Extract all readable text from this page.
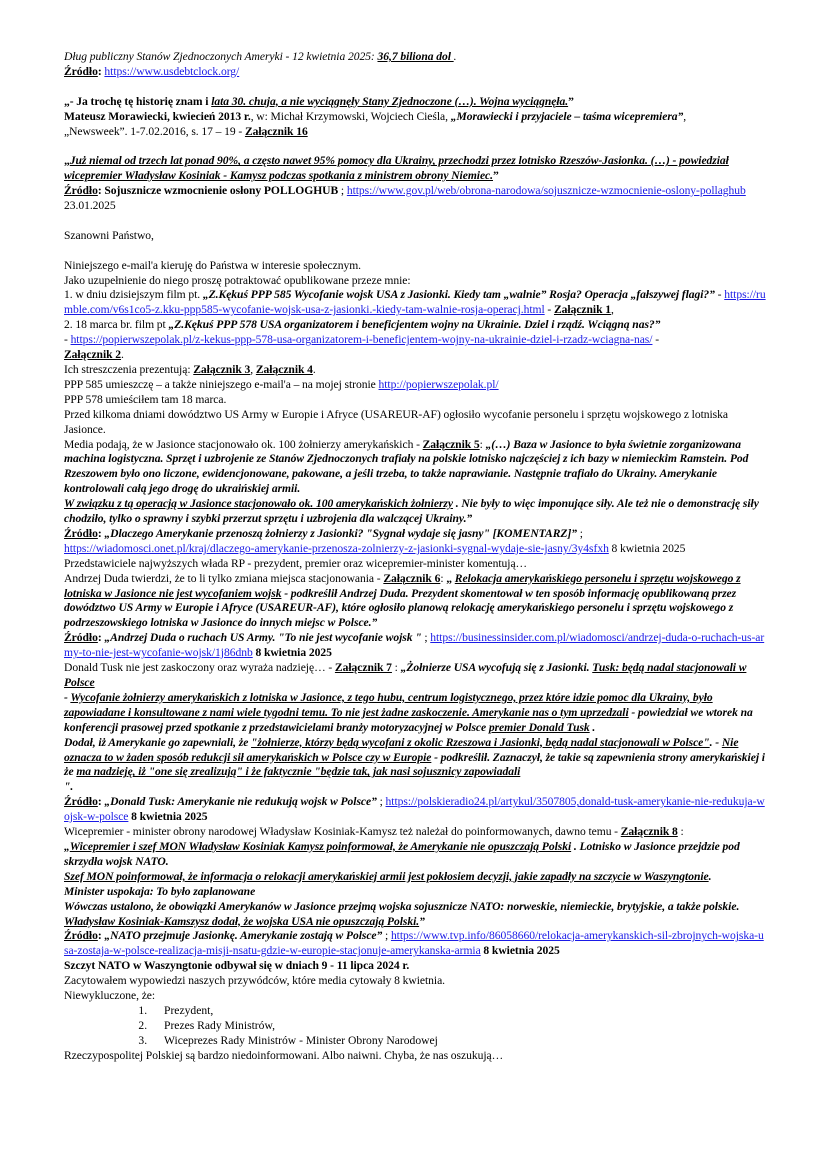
Dług publiczny Stanów Zjednoczonych Ameryki - 12 kwietnia 2025: 36,7 biliona dol .

Źródło: https://www.usdebtclock.org/

„- Ja trochę tę historię znam i lata 30. chuja, a nie wyciągnęły Stany Zjednoczone (…). Wojna wyciągnęła.”

Mateusz Morawiecki, kwiecień 2013 r., w: Michał Krzymowski, Wojciech Cieśla, „Morawiecki i przyjaciele – taśma wicepremiera”,

„Newsweek”. 1-7.02.2016, s. 17 – 19 - Załącznik 16

„Już niemal od trzech lat ponad 90%, a często nawet 95% pomocy dla Ukrainy, przechodzi przez lotnisko Rzeszów-Jasionka. (…) - powiedział wicepremier Władysław Kosiniak - Kamysz podczas spotkania z ministrem obrony Niemiec.”

Źródło: Sojusznicze wzmocnienie osłony POLLOGHUB ; https://www.gov.pl/web/obrona-narodowa/sojusznicze-wzmocnienie-oslony-pollaghub 23.01.2025

Szanowni Państwo,

Niniejszego e-mail'a kieruję do Państwa w interesie społecznym.

Jako uzupełnienie do niego proszę potraktować opublikowane przeze mnie:

1. w dniu dzisiejszym film pt. „Z.Kękuś PPP 585 Wycofanie wojsk USA z Jasionki. Kiedy tam „walnie” Rosja? Operacja „fałszywej flagi?” - https://rumble.com/v6s1co5-z.kku-ppp585-wycofanie-wojsk-usa-z-jasionki.-kiedy-tam-walnie-rosja-operacj.html - Załącznik 1,

2. 18 marca br. film pt „Z.Kękuś PPP 578 USA organizatorem i beneficjentem wojny na Ukrainie. Dziel i rządź. Wciągną nas?”

- https://popierwszepolak.pl/z-kekus-ppp-578-usa-organizatorem-i-beneficjentem-wojny-na-ukrainie-dziel-i-rzadz-wciagna-nas/ -

Załącznik 2.

Ich streszczenia prezentują: Załącznik 3, Załącznik 4.

PPP 585 umieszczę – a także niniejszego e-mail'a – na mojej stronie http://popierwszepolak.pl/

PPP 578 umieściłem tam 18 marca.

Przed kilkoma dniami dowództwo US Army w Europie i Afryce (USAREUR-AF) ogłosiło wycofanie personelu i sprzętu wojskowego z lotniska Jasionce.

Media podają, że w Jasionce stacjonowało ok. 100 żołnierzy amerykańskich - Załącznik 5: „(…) Baza w Jasionce to była świetnie zorganizowana machina logistyczna. Sprzęt i uzbrojenie ze Stanów Zjednoczonych trafiały na polskie lotnisko najczęściej z ich bazy w niemieckim Ramstein. Pod Rzeszowem było ono liczone, ewidencjonowane, pakowane, a jeśli trzeba, to także naprawianie. Następnie trafiało do Ukrainy. Amerykanie kontrolowali całą jego drogę do ukraińskiej armii.

W związku z tą operacją w Jasionce stacjonowało ok. 100 amerykańskich żołnierzy . Nie były to więc imponujące siły. Ale też nie o demonstrację siły chodziło, tylko o sprawny i szybki przerzut sprzętu i uzbrojenia dla walczącej Ukrainy.”

Źródło: „Dlaczego Amerykanie przenoszą żołnierzy z Jasionki? "Sygnał wydaje się jasny" [KOMENTARZ]” ;

https://wiadomosci.onet.pl/kraj/dlaczego-amerykanie-przenosza-zolnierzy-z-jasionki-sygnal-wydaje-sie-jasny/3y4sfxh 8 kwietnia 2025

Przedstawiciele najwyższych włada RP - prezydent, premier oraz wicepremier-minister komentują…

Andrzej Duda twierdzi, że to li tylko zmiana miejsca stacjonowania - Załącznik 6: „ Relokacja amerykańskiego personelu i sprzętu wojskowego z lotniska w Jasionce nie jest wycofaniem wojsk - podkreślił Andrzej Duda. Prezydent skomentował w ten sposób informację opublikowaną przez dowództwo US Army w Europie i Afryce (USAREUR-AF), które ogłosiło planową relokację amerykańskiego personelu i sprzętu wojskowego z podrzeszowskiego lotniska w Jasionce do innych miejsc w Polsce.”

Źródło: „Andrzej Duda o ruchach US Army. "To nie jest wycofanie wojsk " ; https://businessinsider.com.pl/wiadomosci/andrzej-duda-o-ruchach-us-army-to-nie-jest-wycofanie-wojsk/1j86dnb 8 kwietnia 2025

Donald Tusk nie jest zaskoczony oraz wyraża nadzieję… - Załącznik 7 : „Żołnierze USA wycofują się z Jasionki. Tusk: będą nadal stacjonowali w Polsce

- Wycofanie żołnierzy amerykańskich z lotniska w Jasionce, z tego hubu, centrum logistycznego, przez które idzie pomoc dla Ukrainy, było zapowiadane i konsultowane z nami wiele tygodni temu. To nie jest żadne zaskoczenie. Amerykanie nas o tym uprzedzali - powiedział we wtorek na konferencji prasowej przed spotkanie z przedstawicielami branży motoryzacyjnej w Polsce premier Donald Tusk .

Dodał, iż Amerykanie go zapewniali, że "żołnierze, którzy będą wycofani z okolic Rzeszowa i Jasionki, będą nadal stacjonowali w Polsce". - Nie oznacza to w żaden sposób redukcji sił amerykańskich w Polsce czy w Europie - podkreślił. Zaznaczył, że takie są zapewnienia strony amerykańskiej i że ma nadzieję, iż "one się zrealizują" i że faktycznie "będzie tak, jak nasi sojusznicy zapowiadali

".

Źródło: „Donald Tusk: Amerykanie nie redukują wojsk w Polsce” ; https://polskieradio24.pl/artykul/3507805,donald-tusk-amerykanie-nie-redukuja-wojsk-w-polsce 8 kwietnia 2025

Wicepremier - minister obrony narodowej Władysław Kosiniak-Kamysz też należał do poinformowanych, dawno temu - Załącznik 8 :

„Wicepremier i szef MON Władysław Kosiniak Kamysz poinformował, że Amerykanie nie opuszczają Polski . Lotnisko w Jasionce przejdzie pod skrzydła wojsk NATO.

Szef MON poinformował, że informacja o relokacji amerykańskiej armii jest pokłosiem decyzji, jakie zapadły na szczycie w Waszyngtonie.

Minister uspokaja: To było zaplanowane

Wówczas ustalono, że obowiązki Amerykanów w Jasionce przejmą wojska sojusznicze NATO: norweskie, niemieckie, brytyjskie, a także polskie.

Władysław Kosiniak-Kamszysz dodał, że wojska USA nie opuszczają Polski.”

Źródło: „NATO przejmuje Jasionkę. Amerykanie zostają w Polsce” ; https://www.tvp.info/86058660/relokacja-amerykanskich-sil-zbrojnych-wojska-usa-zostaja-w-polsce-realizacja-misji-nsatu-gdzie-w-europie-stacjonuje-amerykanska-armia 8 kwietnia 2025

Szczyt NATO w Waszyngtonie odbywał się w dniach 9 - 11 lipca 2024 r.

Zacytowałem wypowiedzi naszych przywódców, które media cytowały 8 kwietnia.

Niewykluczone, że:

1. Prezydent,
2. Prezes Rady Ministrów,
3. Wiceprezes Rady Ministrów - Minister Obrony Narodowej

Rzeczypospolitej Polskiej są bardzo niedoinformowani. Albo naiwni. Chyba, że nas oszukują…
